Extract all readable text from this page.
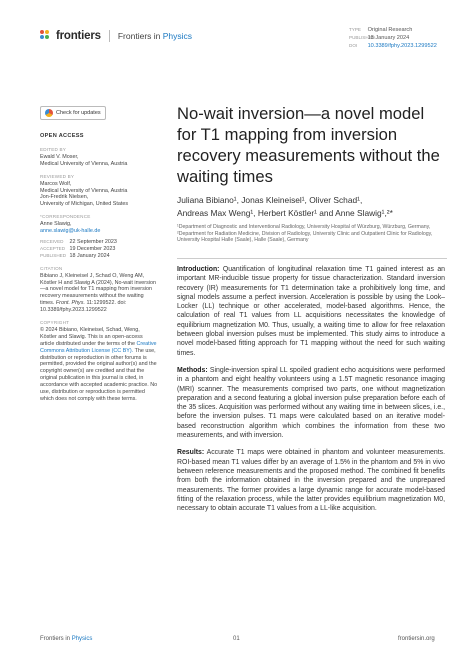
frontiers Frontiers in Physics
TYPE Original Research
PUBLISHED 18 January 2024
DOI 10.3389/fphy.2023.1299522
Check for updates
OPEN ACCESS
EDITED BY
Ewald V. Moser,
Medical University of Vienna, Austria
REVIEWED BY
Marcos Wolf,
Medical University of Vienna, Austria
Jon-Fredrik Nielsen,
University of Michigan, United States
*CORRESPONDENCE
Anne Slawig,
anne.slawig@uk-halle.de
RECEIVED 22 September 2023
ACCEPTED 19 December 2023
PUBLISHED 18 January 2024
CITATION
Bibiano J, Kleineisel J, Schad O, Weng AM, Köstler H and Slawig A (2024), No-wait inversion—a novel model for T1 mapping from inversion recovery measurements without the waiting times. Front. Phys. 11:1299522. doi: 10.3389/fphy.2023.1299522
COPYRIGHT
© 2024 Bibiano, Kleineisel, Schad, Weng, Köstler and Slawig. This is an open-access article distributed under the terms of the Creative Commons Attribution License (CC BY). The use, distribution or reproduction in other forums is permitted, provided the original author(s) and the copyright owner(s) are credited and that the original publication in this journal is cited, in accordance with accepted academic practice. No use, distribution or reproduction is permitted which does not comply with these terms.
No-wait inversion—a novel model for T1 mapping from inversion recovery measurements without the waiting times
Juliana Bibiano¹, Jonas Kleineisel¹, Oliver Schad¹,
Andreas Max Weng¹, Herbert Köstler¹ and Anne Slawig¹,²*
¹Department of Diagnostic and Interventional Radiology, University Hospital of Würzburg, Würzburg, Germany, ²Department for Radiation Medicine, Division of Radiology, University Clinic and Outpatient Clinic for Radiology, University Hospital Halle (Saale), Halle (Saale), Germany

Introduction: Quantification of longitudinal relaxation time T1 gained interest as an important MR-inducible tissue property for tissue characterization. Standard inversion recovery (IR) measurements for T1 determination take a prohibitively long time, and signal models assume a perfect inversion. Acceleration is possible by using the Look–Locker (LL) technique or other accelerated, model-based algorithms. Hence, the calculation of real T1 values from LL acquisitions necessitates the knowledge of equilibrium magnetization M0. Thus, usually, a waiting time to allow for free relaxation between global inversion pulses must be implemented. This study aims to introduce a novel model-based fitting approach for T1 mapping without the need for such waiting times.

Methods: Single-inversion spiral LL spoiled gradient echo acquisitions were performed in a phantom and eight healthy volunteers using a 1.5T magnetic resonance imaging (MRI) scanner. The measurements comprised two parts, one without magnetization preparation and a second featuring a global inversion pulse preparation before each of the 35 slices. Acquisition was performed without any waiting time in between slices, i.e., before the inversion pulses. T1 maps were calculated based on an iterative model-based reconstruction algorithm which combines the information from these two measurements, and with inversion.

Results: Accurate T1 maps were obtained in phantom and volunteer measurements. ROI-based mean T1 values differ by an average of 1.5% in the phantom and 5% in vivo between reference measurements and the proposed method. The combined fit benefits from both the information obtained in the inversion prepared and the unprepared measurements. The former provides a large dynamic range for accurate model-based fitting of the relaxation process, while the latter provides equilibrium magnetization M0, necessary to obtain accurate T1 values from a LL-like acquisition.

Frontiers in Physics	01	frontiersin.org
